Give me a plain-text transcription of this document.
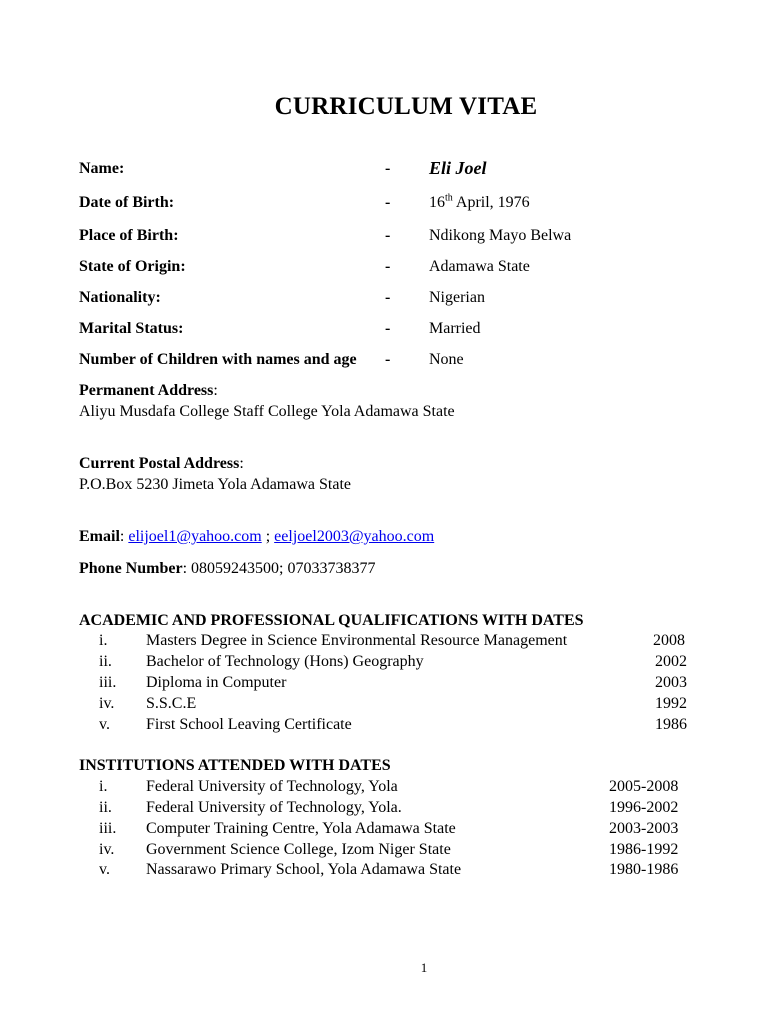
CURRICULUM VITAE
Name:	- Eli Joel
Date of Birth:	- 16th April, 1976
Place of Birth:	- Ndikong Mayo Belwa
State of Origin:	- Adamawa State
Nationality:	- Nigerian
Marital Status:	- Married
Number of Children with names and age - None
Permanent Address:
Aliyu Musdafa College Staff College Yola Adamawa State
Current Postal Address:
P.O.Box 5230 Jimeta Yola Adamawa State
Email: elijoel1@yahoo.com ; eeljoel2003@yahoo.com
Phone Number: 08059243500; 07033738377
ACADEMIC AND PROFESSIONAL QUALIFICATIONS WITH DATES
i. Masters Degree in Science Environmental Resource Management	2008
ii. Bachelor of Technology (Hons) Geography	2002
iii. Diploma in Computer	2003
iv. S.S.C.E	1992
v. First School Leaving Certificate	1986
INSTITUTIONS ATTENDED WITH DATES
i. Federal University of Technology, Yola	2005-2008
ii. Federal University of Technology, Yola.	1996-2002
iii. Computer Training Centre, Yola Adamawa State	2003-2003
iv. Government Science College, Izom Niger State	1986-1992
v. Nassarawo Primary School, Yola Adamawa State	1980-1986
1
